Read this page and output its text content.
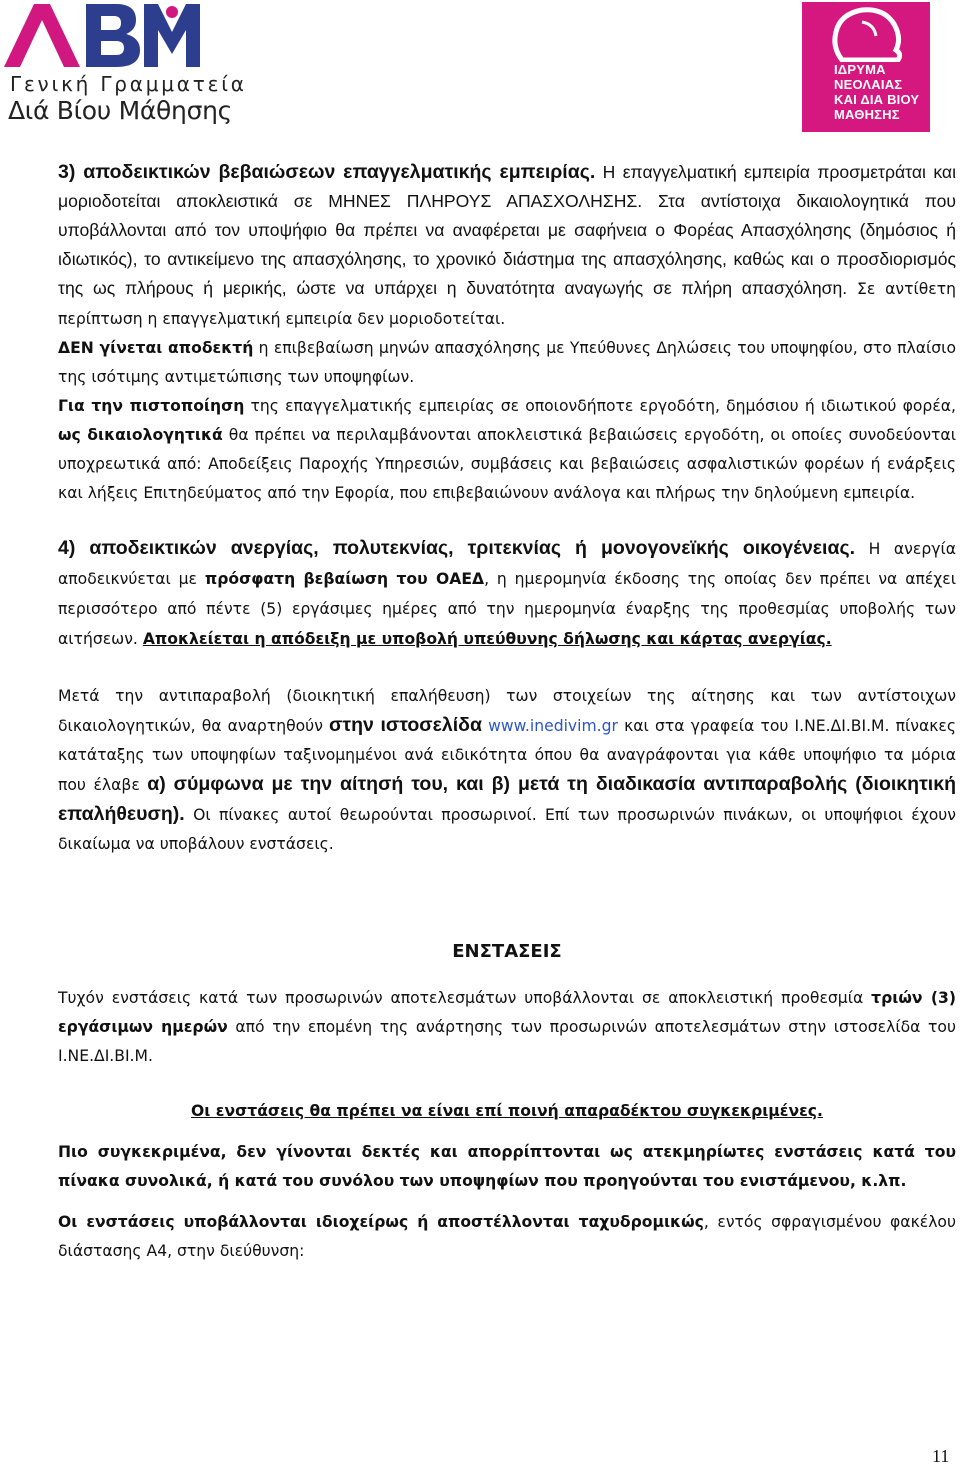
Γενική Γραμματεία
Διά Βίου Μάθησης
ΙΔΡΥΜΑ
ΝΕΟΛΑΙΑΣ
ΚΑΙ ΔΙΑ ΒΙΟΥ
ΜΑΘΗΣΗΣ

3) αποδεικτικών βεβαιώσεων επαγγελματικής εμπειρίας. Η επαγγελματική εμπειρία προσμετράται και μοριοδοτείται αποκλειστικά σε ΜΗΝΕΣ ΠΛΗΡΟΥΣ ΑΠΑΣΧΟΛΗΣΗΣ. Στα αντίστοιχα δικαιολογητικά που υποβάλλονται από τον υποψήφιο θα πρέπει να αναφέρεται με σαφήνεια ο Φορέας Απασχόλησης (δημόσιος ή ιδιωτικός), το αντικείμενο της απασχόλησης, το χρονικό διάστημα της απασχόλησης, καθώς και ο προσδιορισμός της ως πλήρους ή μερικής, ώστε να υπάρχει η δυνατότητα αναγωγής σε πλήρη απασχόληση. Σε αντίθετη περίπτωση η επαγγελματική εμπειρία δεν μοριοδοτείται.

ΔΕΝ γίνεται αποδεκτή η επιβεβαίωση μηνών απασχόλησης με Υπεύθυνες Δηλώσεις του υποψηφίου, στο πλαίσιο της ισότιμης αντιμετώπισης των υποψηφίων.

Για την πιστοποίηση της επαγγελματικής εμπειρίας σε οποιονδήποτε εργοδότη, δημόσιου ή ιδιωτικού φορέα, ως δικαιολογητικά θα πρέπει να περιλαμβάνονται αποκλειστικά βεβαιώσεις εργοδότη, οι οποίες συνοδεύονται υποχρεωτικά από: Αποδείξεις Παροχής Υπηρεσιών, συμβάσεις και βεβαιώσεις ασφαλιστικών φορέων ή ενάρξεις και λήξεις Επιτηδεύματος από την Εφορία, που επιβεβαιώνουν ανάλογα και πλήρως την δηλούμενη εμπειρία.

4) αποδεικτικών ανεργίας, πολυτεκνίας, τριτεκνίας ή μονογονεϊκής οικογένειας. Η ανεργία αποδεικνύεται με πρόσφατη βεβαίωση του ΟΑΕΔ, η ημερομηνία έκδοσης της οποίας δεν πρέπει να απέχει περισσότερο από πέντε (5) εργάσιμες ημέρες από την ημερομηνία έναρξης της προθεσμίας υποβολής των αιτήσεων. Αποκλείεται η απόδειξη με υποβολή υπεύθυνης δήλωσης και κάρτας ανεργίας.

Μετά την αντιπαραβολή (διοικητική επαλήθευση) των στοιχείων της αίτησης και των αντίστοιχων δικαιολογητικών, θα αναρτηθούν στην ιστοσελίδα www.inedivim.gr και στα γραφεία του Ι.ΝΕ.ΔΙ.ΒΙ.Μ. πίνακες κατάταξης των υποψηφίων ταξινομημένοι ανά ειδικότητα όπου θα αναγράφονται για κάθε υποψήφιο τα μόρια που έλαβε α) σύμφωνα με την αίτησή του, και β) μετά τη διαδικασία αντιπαραβολής (διοικητική επαλήθευση). Οι πίνακες αυτοί θεωρούνται προσωρινοί. Επί των προσωρινών πινάκων, οι υποψήφιοι έχουν δικαίωμα να υποβάλουν ενστάσεις.

ΕΝΣΤΑΣΕΙΣ

Τυχόν ενστάσεις κατά των προσωρινών αποτελεσμάτων υποβάλλονται σε αποκλειστική προθεσμία τριών (3) εργάσιμων ημερών από την επομένη της ανάρτησης των προσωρινών αποτελεσμάτων στην ιστοσελίδα του Ι.ΝΕ.ΔΙ.ΒΙ.Μ.

Οι ενστάσεις θα πρέπει να είναι επί ποινή απαραδέκτου συγκεκριμένες.

Πιο συγκεκριμένα, δεν γίνονται δεκτές και απορρίπτονται ως ατεκμηρίωτες ενστάσεις κατά του πίνακα συνολικά, ή κατά του συνόλου των υποψηφίων που προηγούνται του ενιστάμενου, κ.λπ.

Οι ενστάσεις υποβάλλονται ιδιοχείρως ή αποστέλλονται ταχυδρομικώς, εντός σφραγισμένου φακέλου διάστασης Α4, στην διεύθυνση:

11
